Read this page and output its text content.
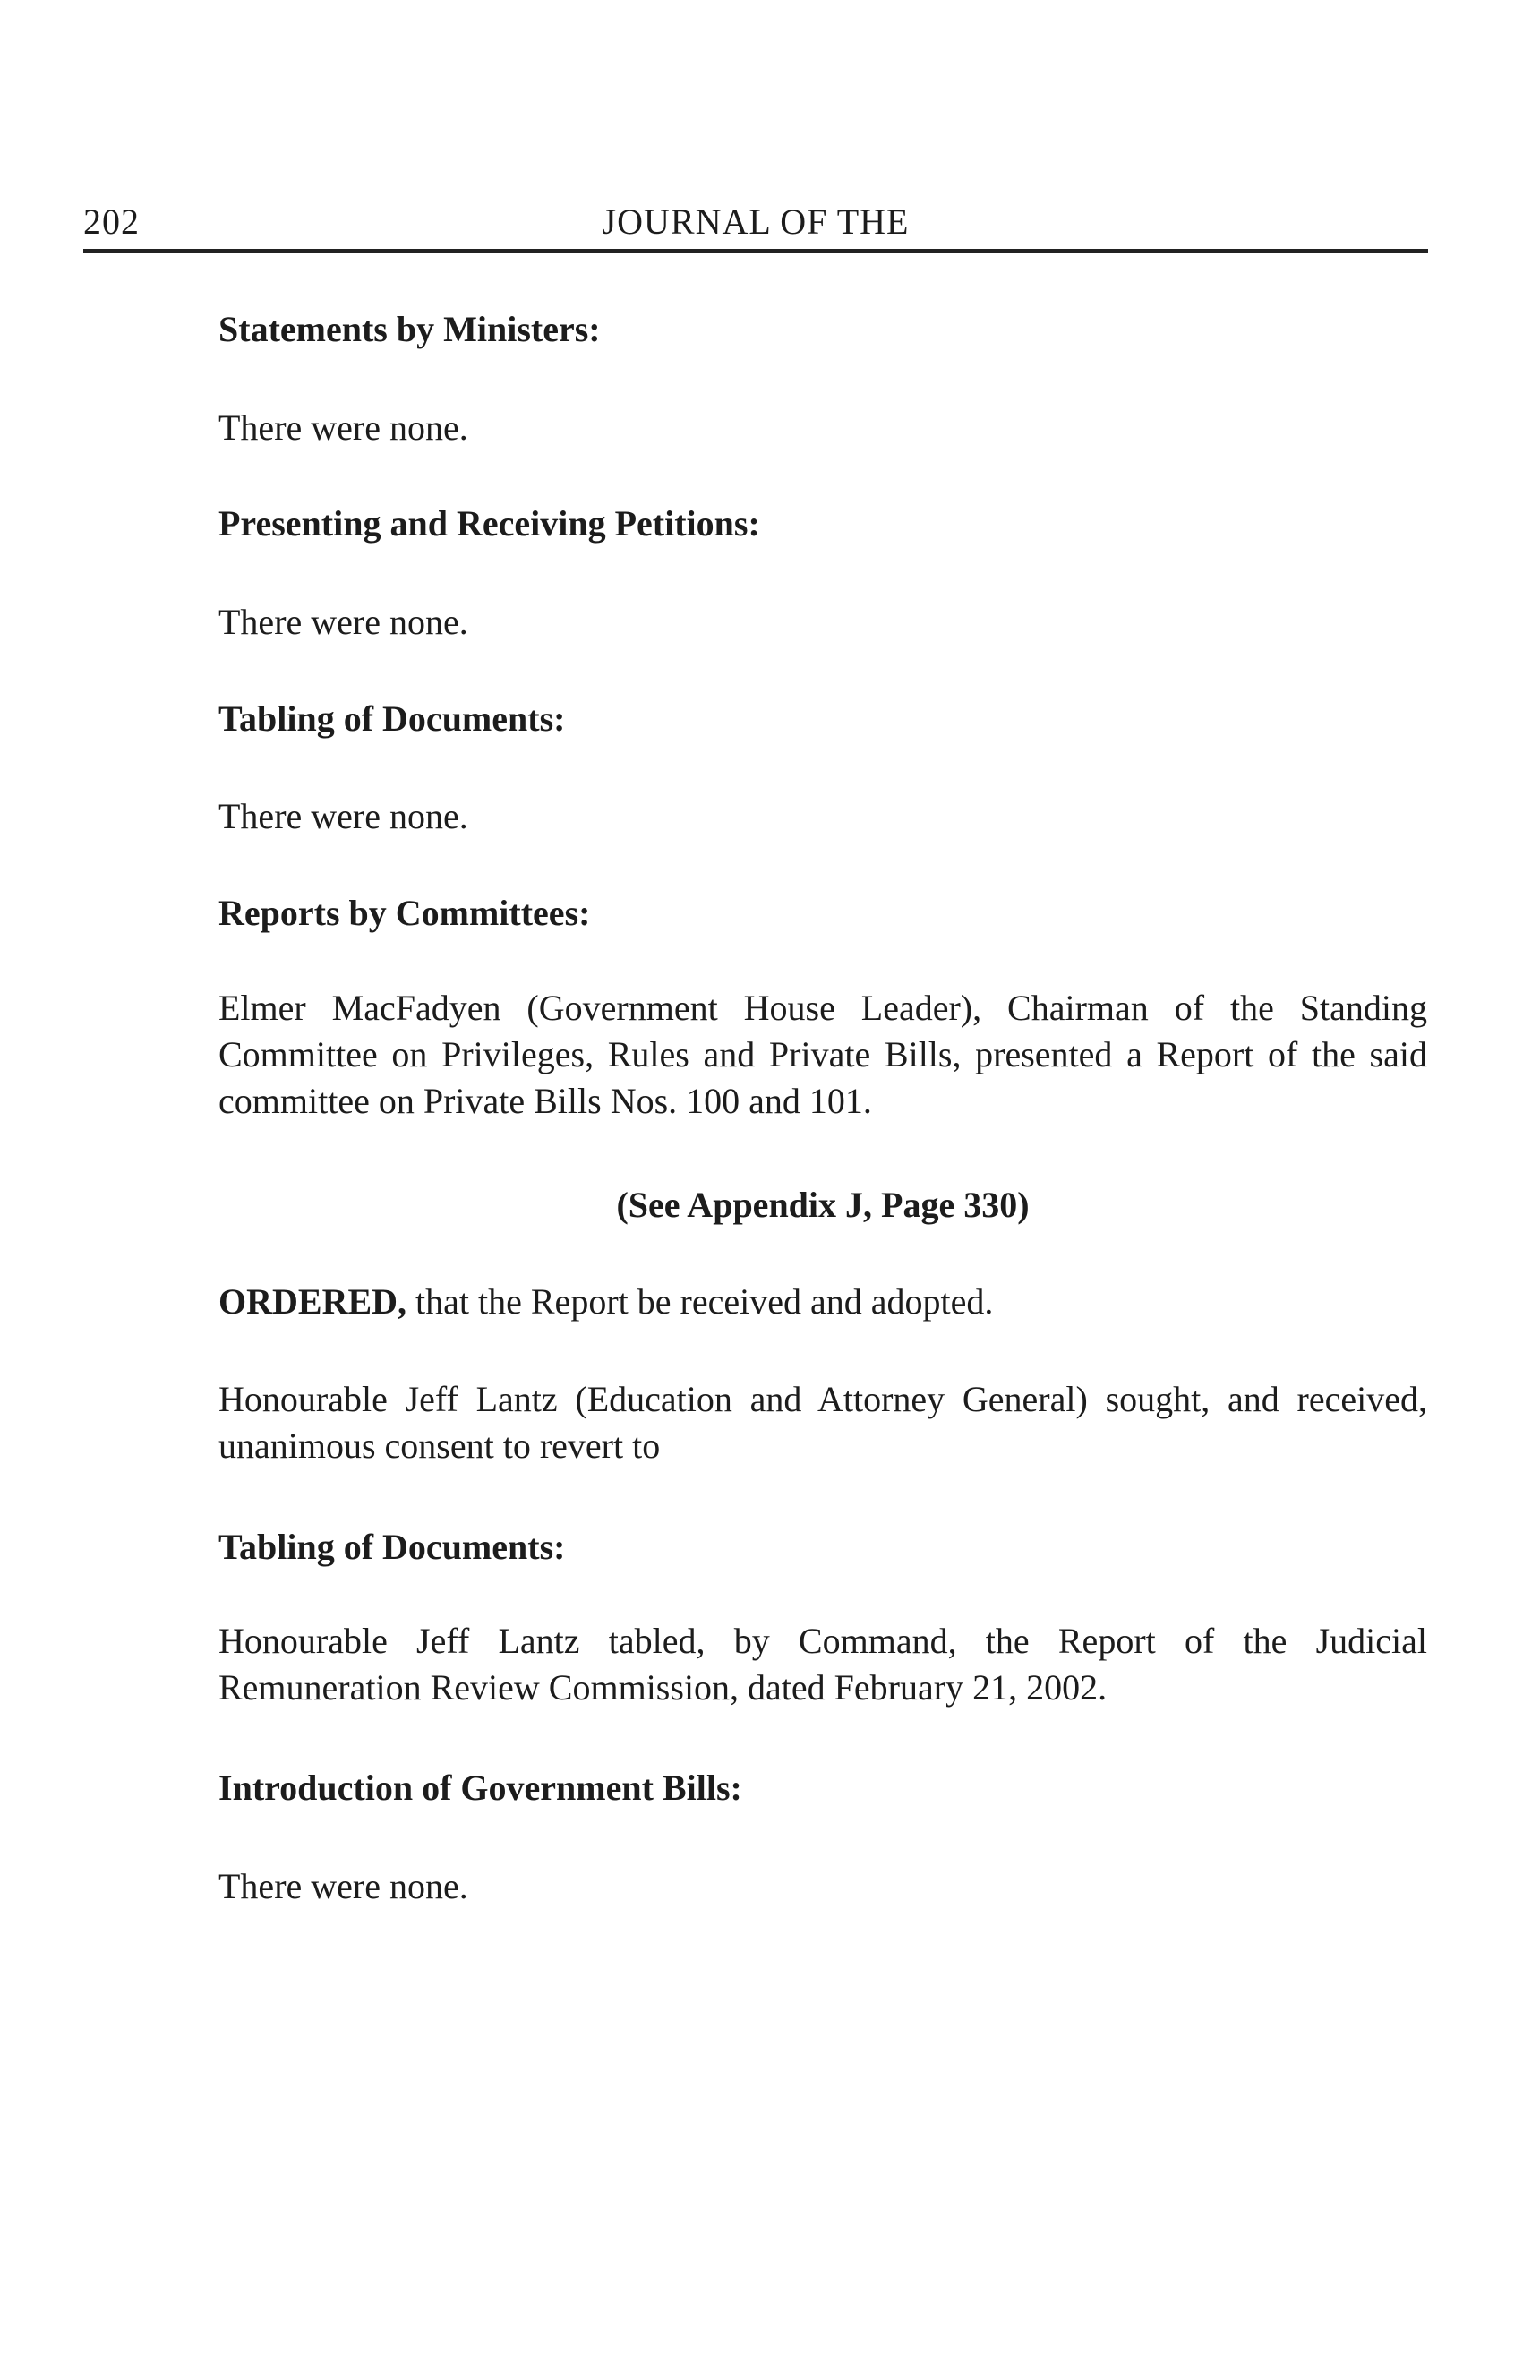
202	JOURNAL OF THE

Statements by Ministers:

There were none.

Presenting and Receiving Petitions:

There were none.

Tabling of Documents:

There were none.

Reports by Committees:

Elmer MacFadyen (Government House Leader), Chairman of the Standing Committee on Privileges, Rules and Private Bills, presented a Report of the said committee on Private Bills Nos. 100 and 101.

(See Appendix J, Page 330)

ORDERED, that the Report be received and adopted.

Honourable Jeff Lantz (Education and Attorney General) sought, and received, unanimous consent to revert to

Tabling of Documents:

Honourable Jeff Lantz tabled, by Command, the Report of the Judicial Remuneration Review Commission, dated February 21, 2002.

Introduction of Government Bills:

There were none.
